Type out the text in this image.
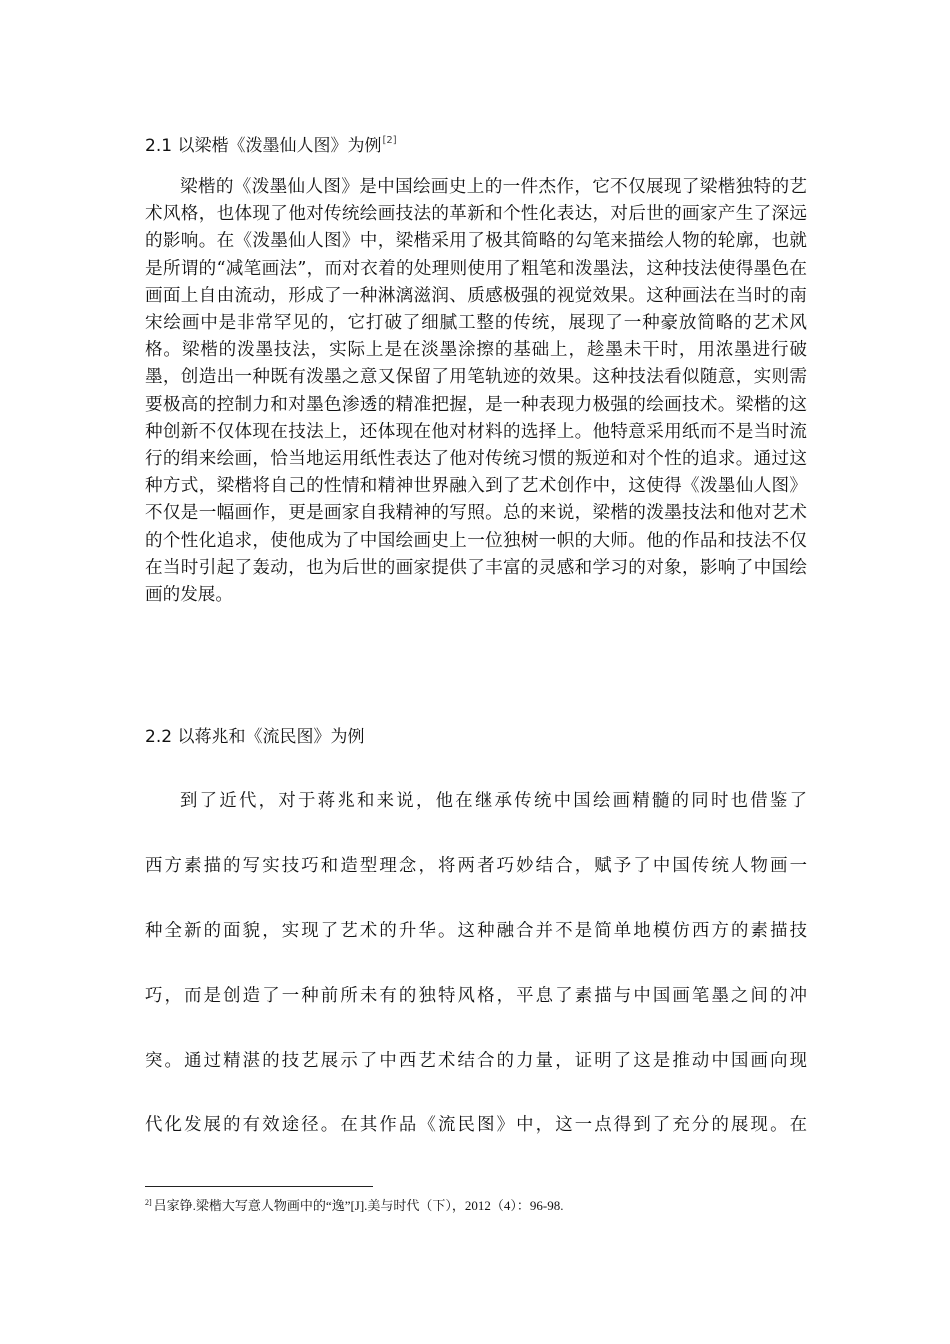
2.1 以梁楷《泼墨仙人图》为例[2]
梁楷的《泼墨仙人图》是中国绘画史上的一件杰作，它不仅展现了梁楷独特的艺术风格，也体现了他对传统绘画技法的革新和个性化表达，对后世的画家产生了深远的影响。在《泼墨仙人图》中，梁楷采用了极其简略的勾笔来描绘人物的轮廓，也就是所谓的“减笔画法”，而对衣着的处理则使用了粗笔和泼墨法，这种技法使得墨色在画面上自由流动，形成了一种淋漓滋润、质感极强的视觉效果。这种画法在当时的南宋绘画中是非常罕见的，它打破了细腻工整的传统，展现了一种豪放简略的艺术风格。梁楷的泼墨技法，实际上是在淡墨涂擦的基础上，趁墨未干时，用浓墨进行破墨，创造出一种既有泼墨之意又保留了用笔轨迹的效果。这种技法看似随意，实则需要极高的控制力和对墨色渗透的精准把握，是一种表现力极强的绘画技术。梁楷的这种创新不仅体现在技法上，还体现在他对材料的选择上。他特意采用纸而不是当时流行的绢来绘画，恰当地运用纸性表达了他对传统习惯的叛逆和对个性的追求。通过这种方式，梁楷将自己的性情和精神世界融入到了艺术创作中，这使得《泼墨仙人图》不仅是一幅画作，更是画家自我精神的写照。总的来说，梁楷的泼墨技法和他对艺术的个性化追求，使他成为了中国绘画史上一位独树一帜的大师。他的作品和技法不仅在当时引起了轰动，也为后世的画家提供了丰富的灵感和学习的对象，影响了中国绘画的发展。
2.2 以蒋兆和《流民图》为例
到了近代，对于蒋兆和来说，他在继承传统中国绘画精髓的同时也借鉴了
西方素描的写实技巧和造型理念，将两者巧妙结合，赋予了中国传统人物画一
种全新的面貌，实现了艺术的升华。这种融合并不是简单地模仿西方的素描技
巧，而是创造了一种前所未有的独特风格，平息了素描与中国画笔墨之间的冲
突。通过精湛的技艺展示了中西艺术结合的力量，证明了这是推动中国画向现
代化发展的有效途径。在其作品《流民图》中，这一点得到了充分的展现。在
$^{2]}$ 吕家铮.梁楷大写意人物画中的“逸”[J].美与时代（下），2012（4）：96-98.
